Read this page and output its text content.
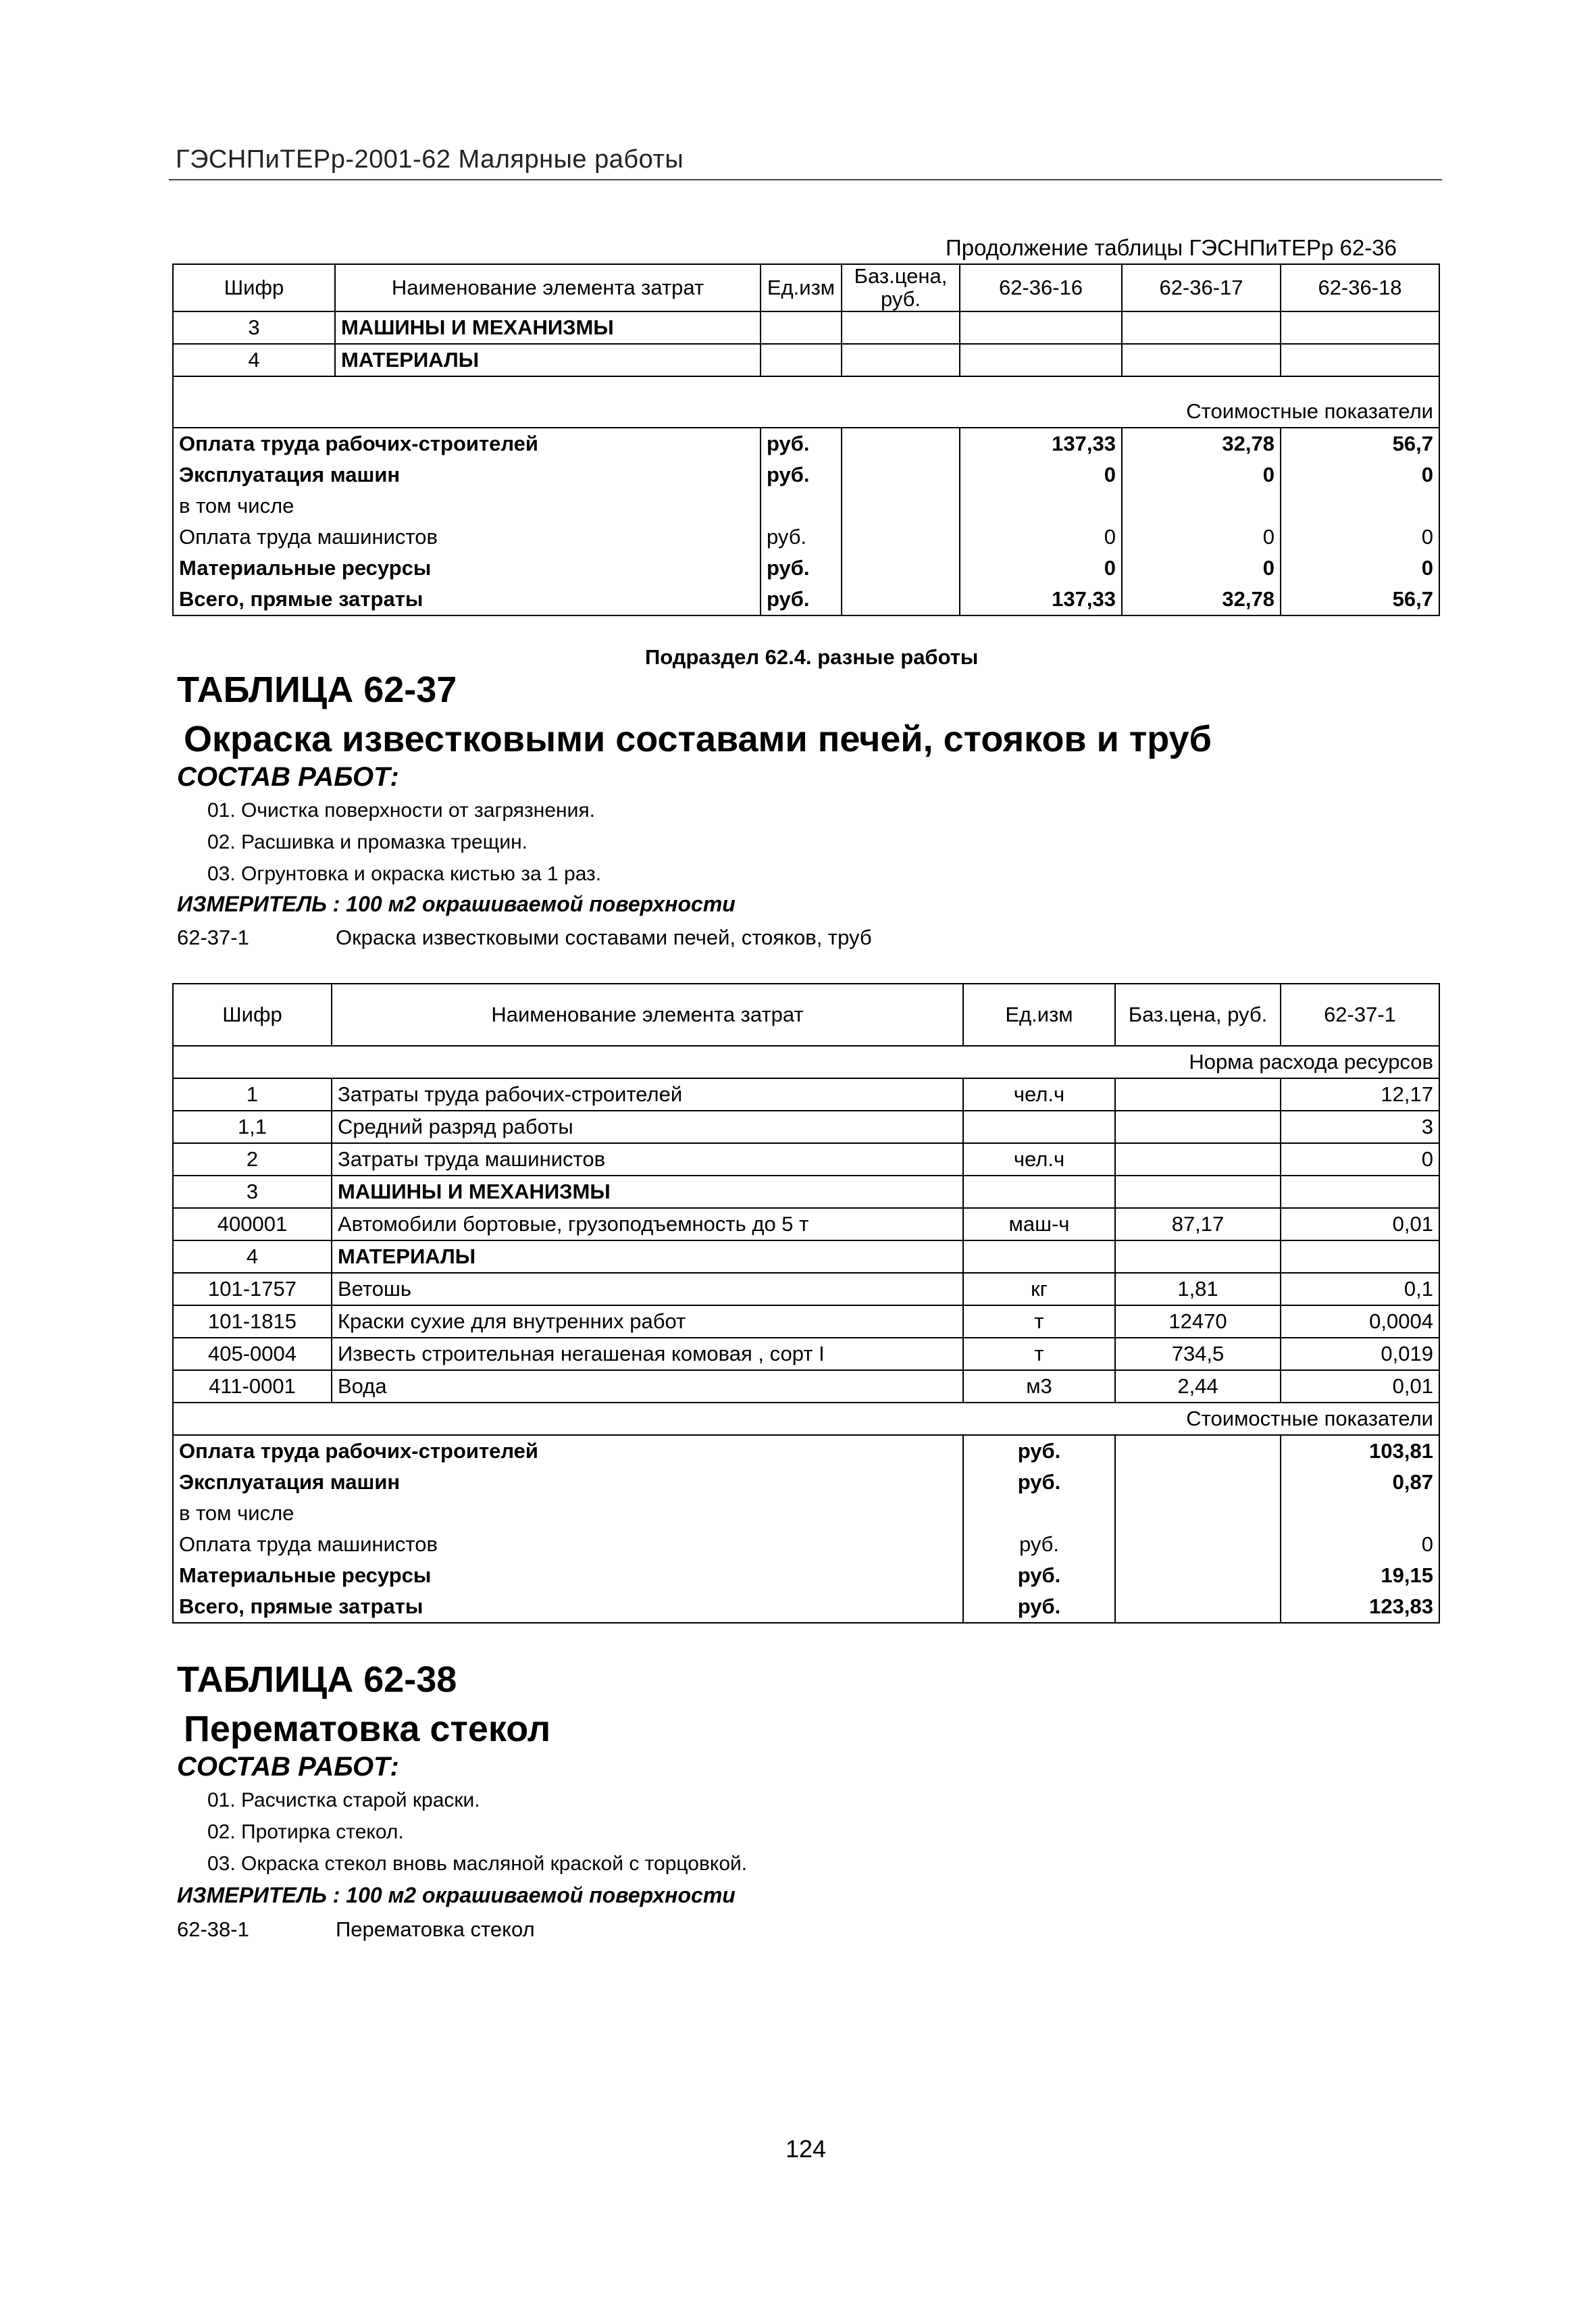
ГЭСНПиТЕРр-2001-62 Малярные работы
Продолжение таблицы ГЭСНПиТЕРр 62-36
Шифр	Наименование элемента затрат	Ед.изм	Баз.цена, руб.	62-36-16	62-36-17	62-36-18
3	МАШИНЫ И МЕХАНИЗМЫ					
4	МАТЕРИАЛЫ					

Стоимостные показатели						
Оплата труда рабочих-строителей		руб.		137,33	32,78	56,7
Эксплуатация машин		руб.		0	0	0
в том числе						
Оплата труда машинистов		руб.		0	0	0
Материальные ресурсы		руб.		0	0	0
Всего, прямые затраты		руб.		137,33	32,78	56,7
Подраздел 62.4. разные работы
ТАБЛИЦА 62-37
Окраска известковыми составами печей, стояков и труб
СОСТАВ РАБОТ:
01. Очистка поверхности от загрязнения.
02. Расшивка и промазка трещин.
03. Огрунтовка и окраска кистью за 1 раз.
ИЗМЕРИТЕЛЬ : 100 м2 окрашиваемой поверхности
62-37-1	Окраска известковыми составами печей, стояков, труб
Шифр	Наименование элемента затрат	Ед.изм	Баз.цена, руб.	62-37-1
Норма расхода ресурсов				
1	Затраты труда рабочих-строителей	чел.ч		12,17
1,1	Средний разряд работы			3
2	Затраты труда машинистов	чел.ч		0
3	МАШИНЫ И МЕХАНИЗМЫ			
400001	Автомобили бортовые, грузоподъемность до 5 т	маш-ч	87,17	0,01
4	МАТЕРИАЛЫ			
101-1757	Ветошь	кг	1,81	0,1
101-1815	Краски сухие для внутренних работ	т	12470	0,0004
405-0004	Известь строительная негашеная комовая , сорт I	т	734,5	0,019
411-0001	Вода	м3	2,44	0,01
Стоимостные показатели				
Оплата труда рабочих-строителей		руб.		103,81
Эксплуатация машин		руб.		0,87
в том числе				
Оплата труда машинистов		руб.		0
Материальные ресурсы		руб.		19,15
Всего, прямые затраты		руб.		123,83
ТАБЛИЦА 62-38
Перематовка стекол
СОСТАВ РАБОТ:
01. Расчистка старой краски.
02. Протирка стекол.
03. Окраска стекол вновь масляной краской с торцовкой.
ИЗМЕРИТЕЛЬ : 100 м2 окрашиваемой поверхности
62-38-1	Перематовка стекол
124
